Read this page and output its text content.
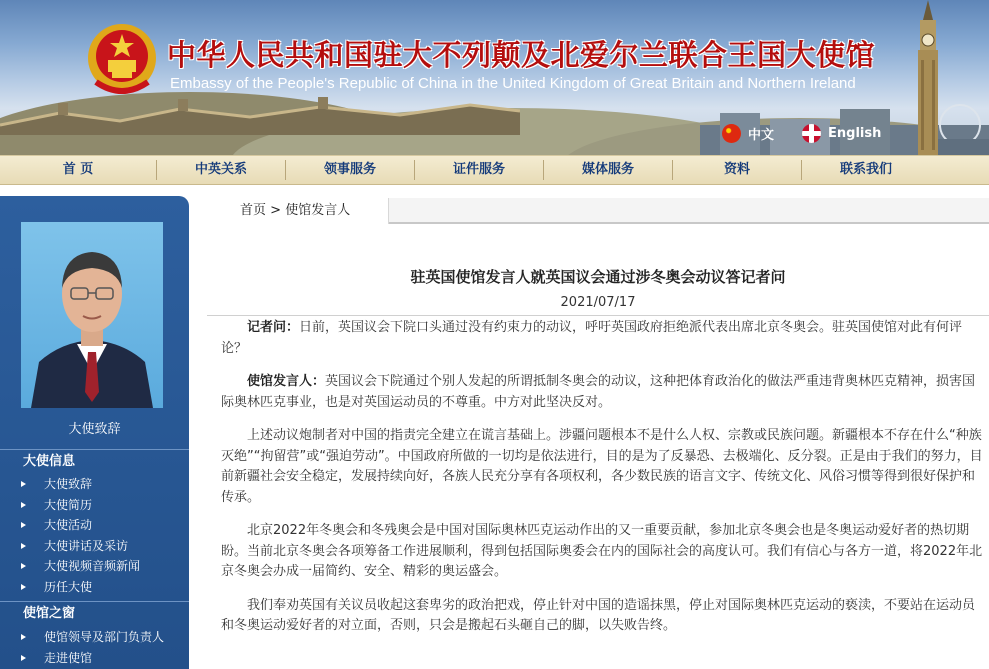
中华人民共和国驻大不列颠及北爱尔兰联合王国大使馆
Embassy of the People's Republic of China in the United Kingdom of Great Britain and Northern Ireland
中文	English
首 页	中英关系	领事服务	证件服务	媒体服务	资料	联系我们
大使致辞
大使信息
大使致辞
大使简历
大使活动
大使讲话及采访
大使视频音频新闻
历任大使
使馆之窗
使馆领导及部门负责人
走进使馆
首页 > 使馆发言人
驻英国使馆发言人就英国议会通过涉冬奥会动议答记者问
2021/07/17

记者问：日前，英国议会下院口头通过没有约束力的动议，呼吁英国政府拒绝派代表出席北京冬奥会。驻英国使馆对此有何评论？

使馆发言人：英国议会下院通过个别人发起的所谓抵制冬奥会的动议，这种把体育政治化的做法严重违背奥林匹克精神，损害国际奥林匹克事业，也是对英国运动员的不尊重。中方对此坚决反对。

上述动议炮制者对中国的指责完全建立在谎言基础上。涉疆问题根本不是什么人权、宗教或民族问题。新疆根本不存在什么“种族灭绝”“拘留营”或“强迫劳动”。中国政府所做的一切均是依法进行，目的是为了反暴恐、去极端化、反分裂。正是由于我们的努力，目前新疆社会安全稳定，发展持续向好，各族人民充分享有各项权利，各少数民族的语言文字、传统文化、风俗习惯等得到很好保护和传承。

北京2022年冬奥会和冬残奥会是中国对国际奥林匹克运动作出的又一重要贡献，参加北京冬奥会也是冬奥运动爱好者的热切期盼。当前北京冬奥会各项筹备工作进展顺利，得到包括国际奥委会在内的国际社会的高度认可。我们有信心与各方一道，将2022年北京冬奥会办成一届简约、安全、精彩的奥运盛会。

我们奉劝英国有关议员收起这套卑劣的政治把戏，停止针对中国的造谣抹黑，停止对国际奥林匹克运动的亵渎，不要站在运动员和冬奥运动爱好者的对立面，否则，只会是搬起石头砸自己的脚，以失败告终。
